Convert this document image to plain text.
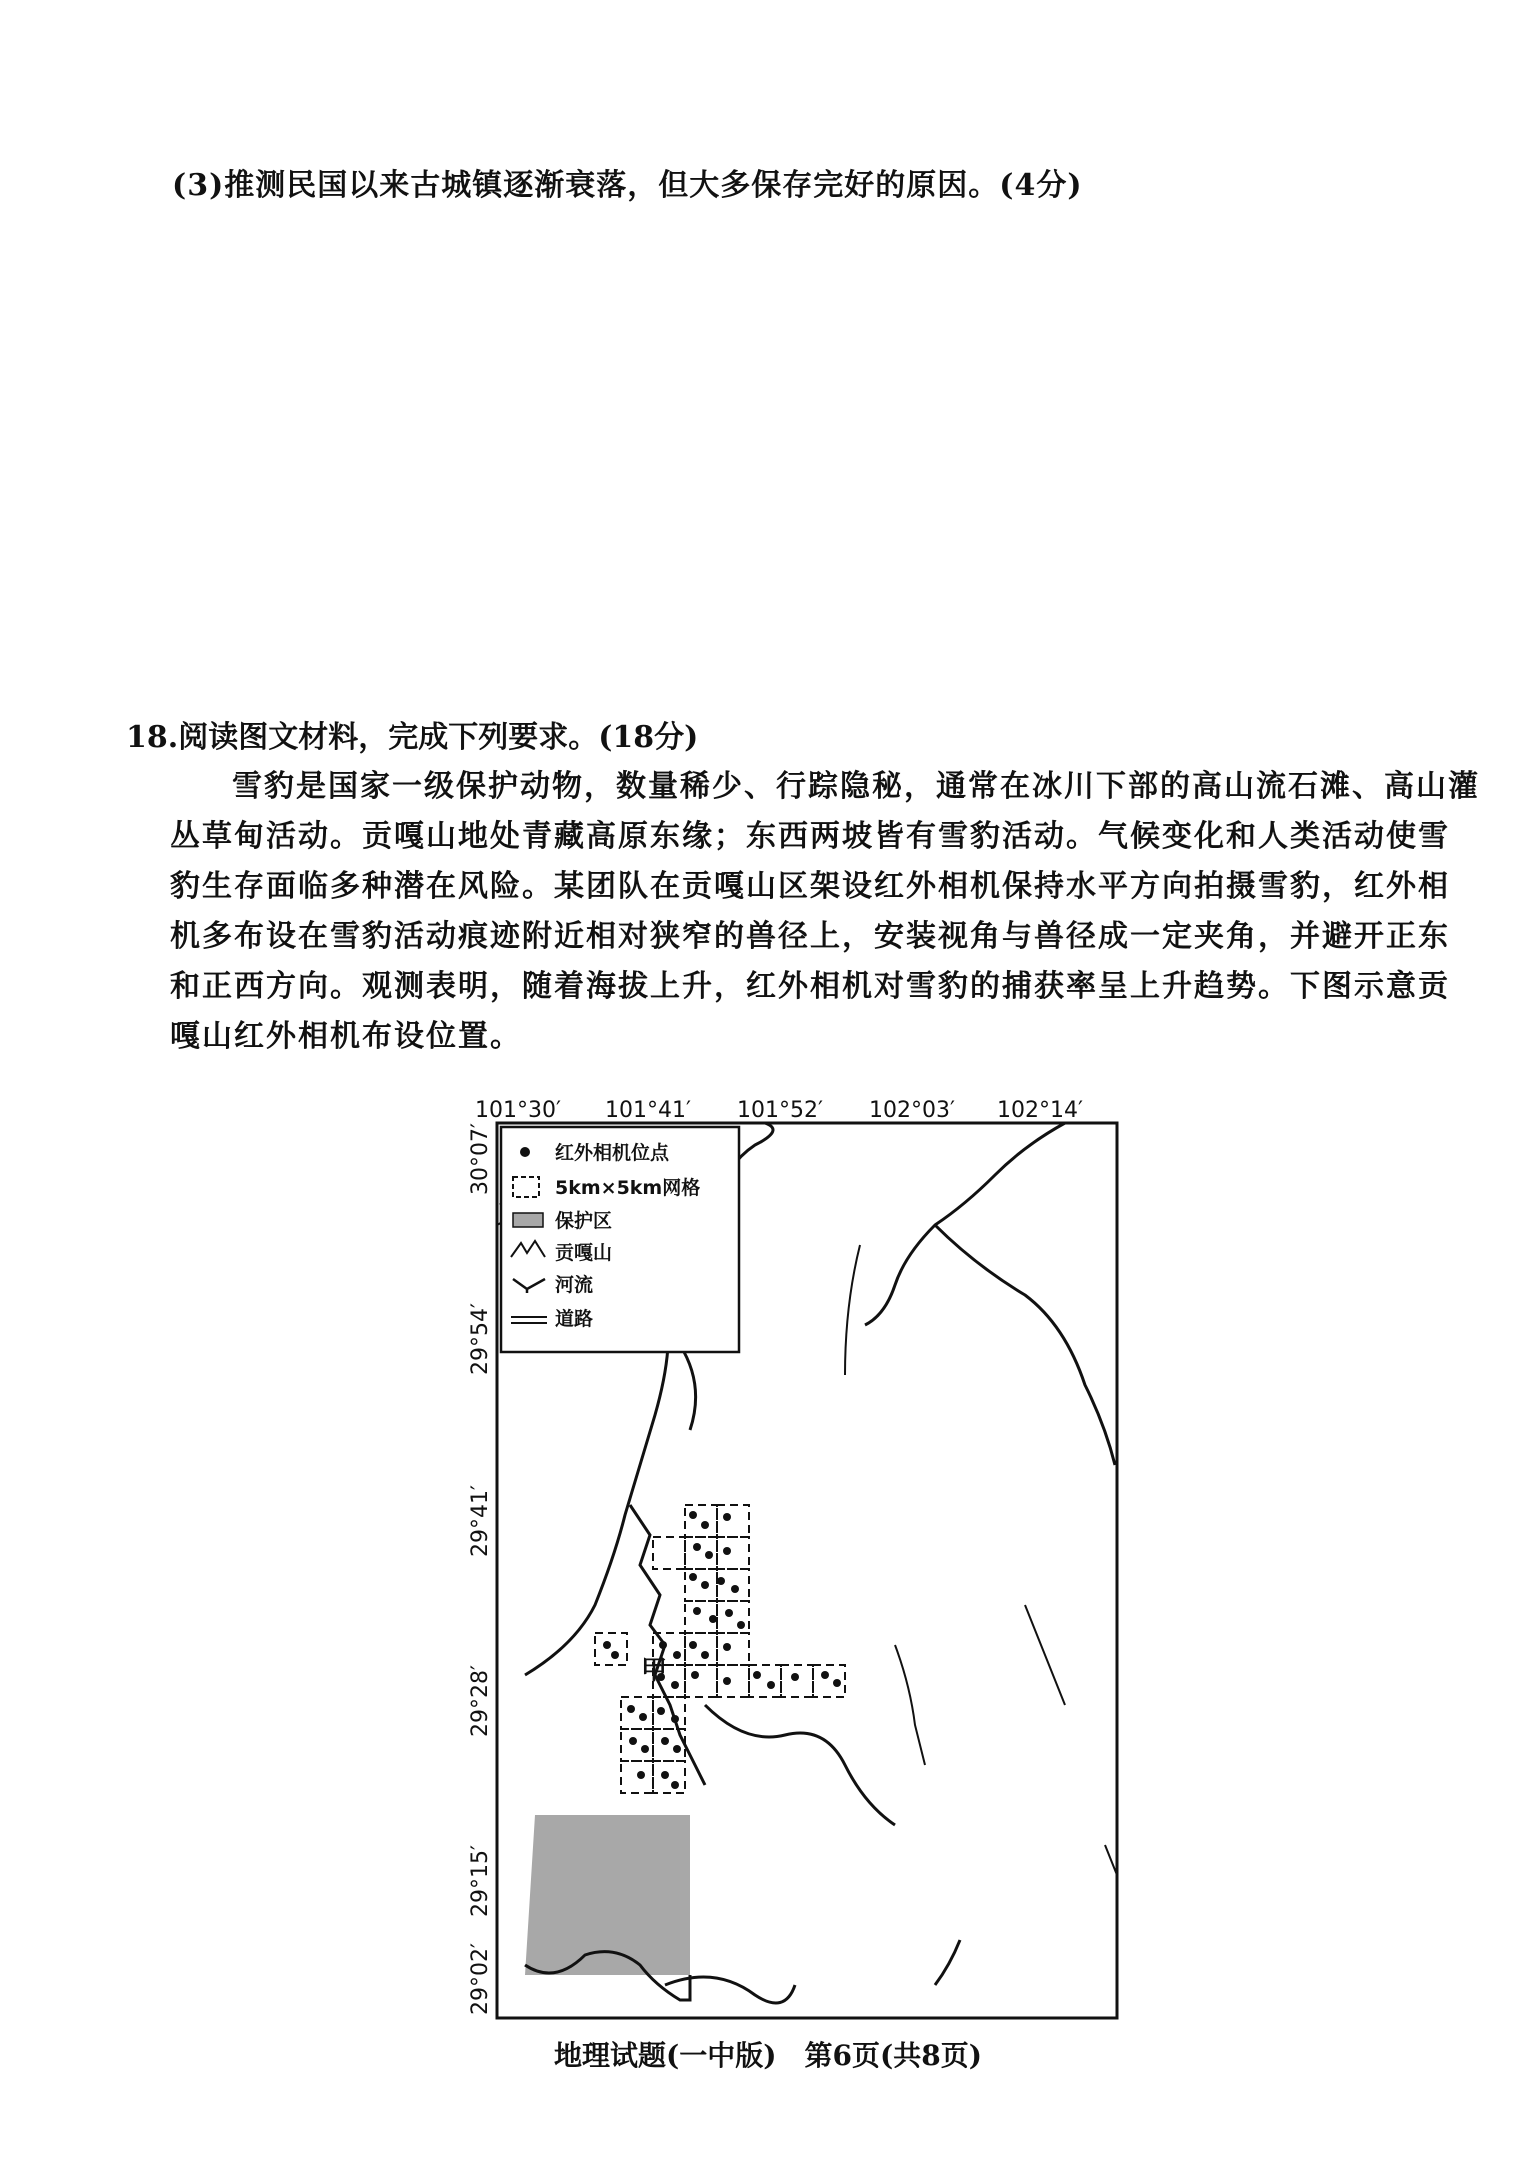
(3)推测民国以来古城镇逐渐衰落，但大多保存完好的原因。(4分)
18.阅读图文材料，完成下列要求。(18分)
雪豹是国家一级保护动物，数量稀少、行踪隐秘，通常在冰川下部的高山流石滩、高山灌
丛草甸活动。贡嘎山地处青藏高原东缘；东西两坡皆有雪豹活动。气候变化和人类活动使雪
豹生存面临多种潜在风险。某团队在贡嘎山区架设红外相机保持水平方向拍摄雪豹，红外相
机多布设在雪豹活动痕迹附近相对狭窄的兽径上，安装视角与兽径成一定夹角，并避开正东
和正西方向。观测表明，随着海拔上升，红外相机对雪豹的捕获率呈上升趋势。下图示意贡
嘎山红外相机布设位置。
101°30′ 101°41′ 101°52′ 102°03′ 102°14′
30°07′
29°54′
29°41′
29°28′
29°15′
29°02′
甲
红外相机位点
5km×5km网格
保护区
贡嘎山
河流
道路
地理试题(一中版)　第6页(共8页)
